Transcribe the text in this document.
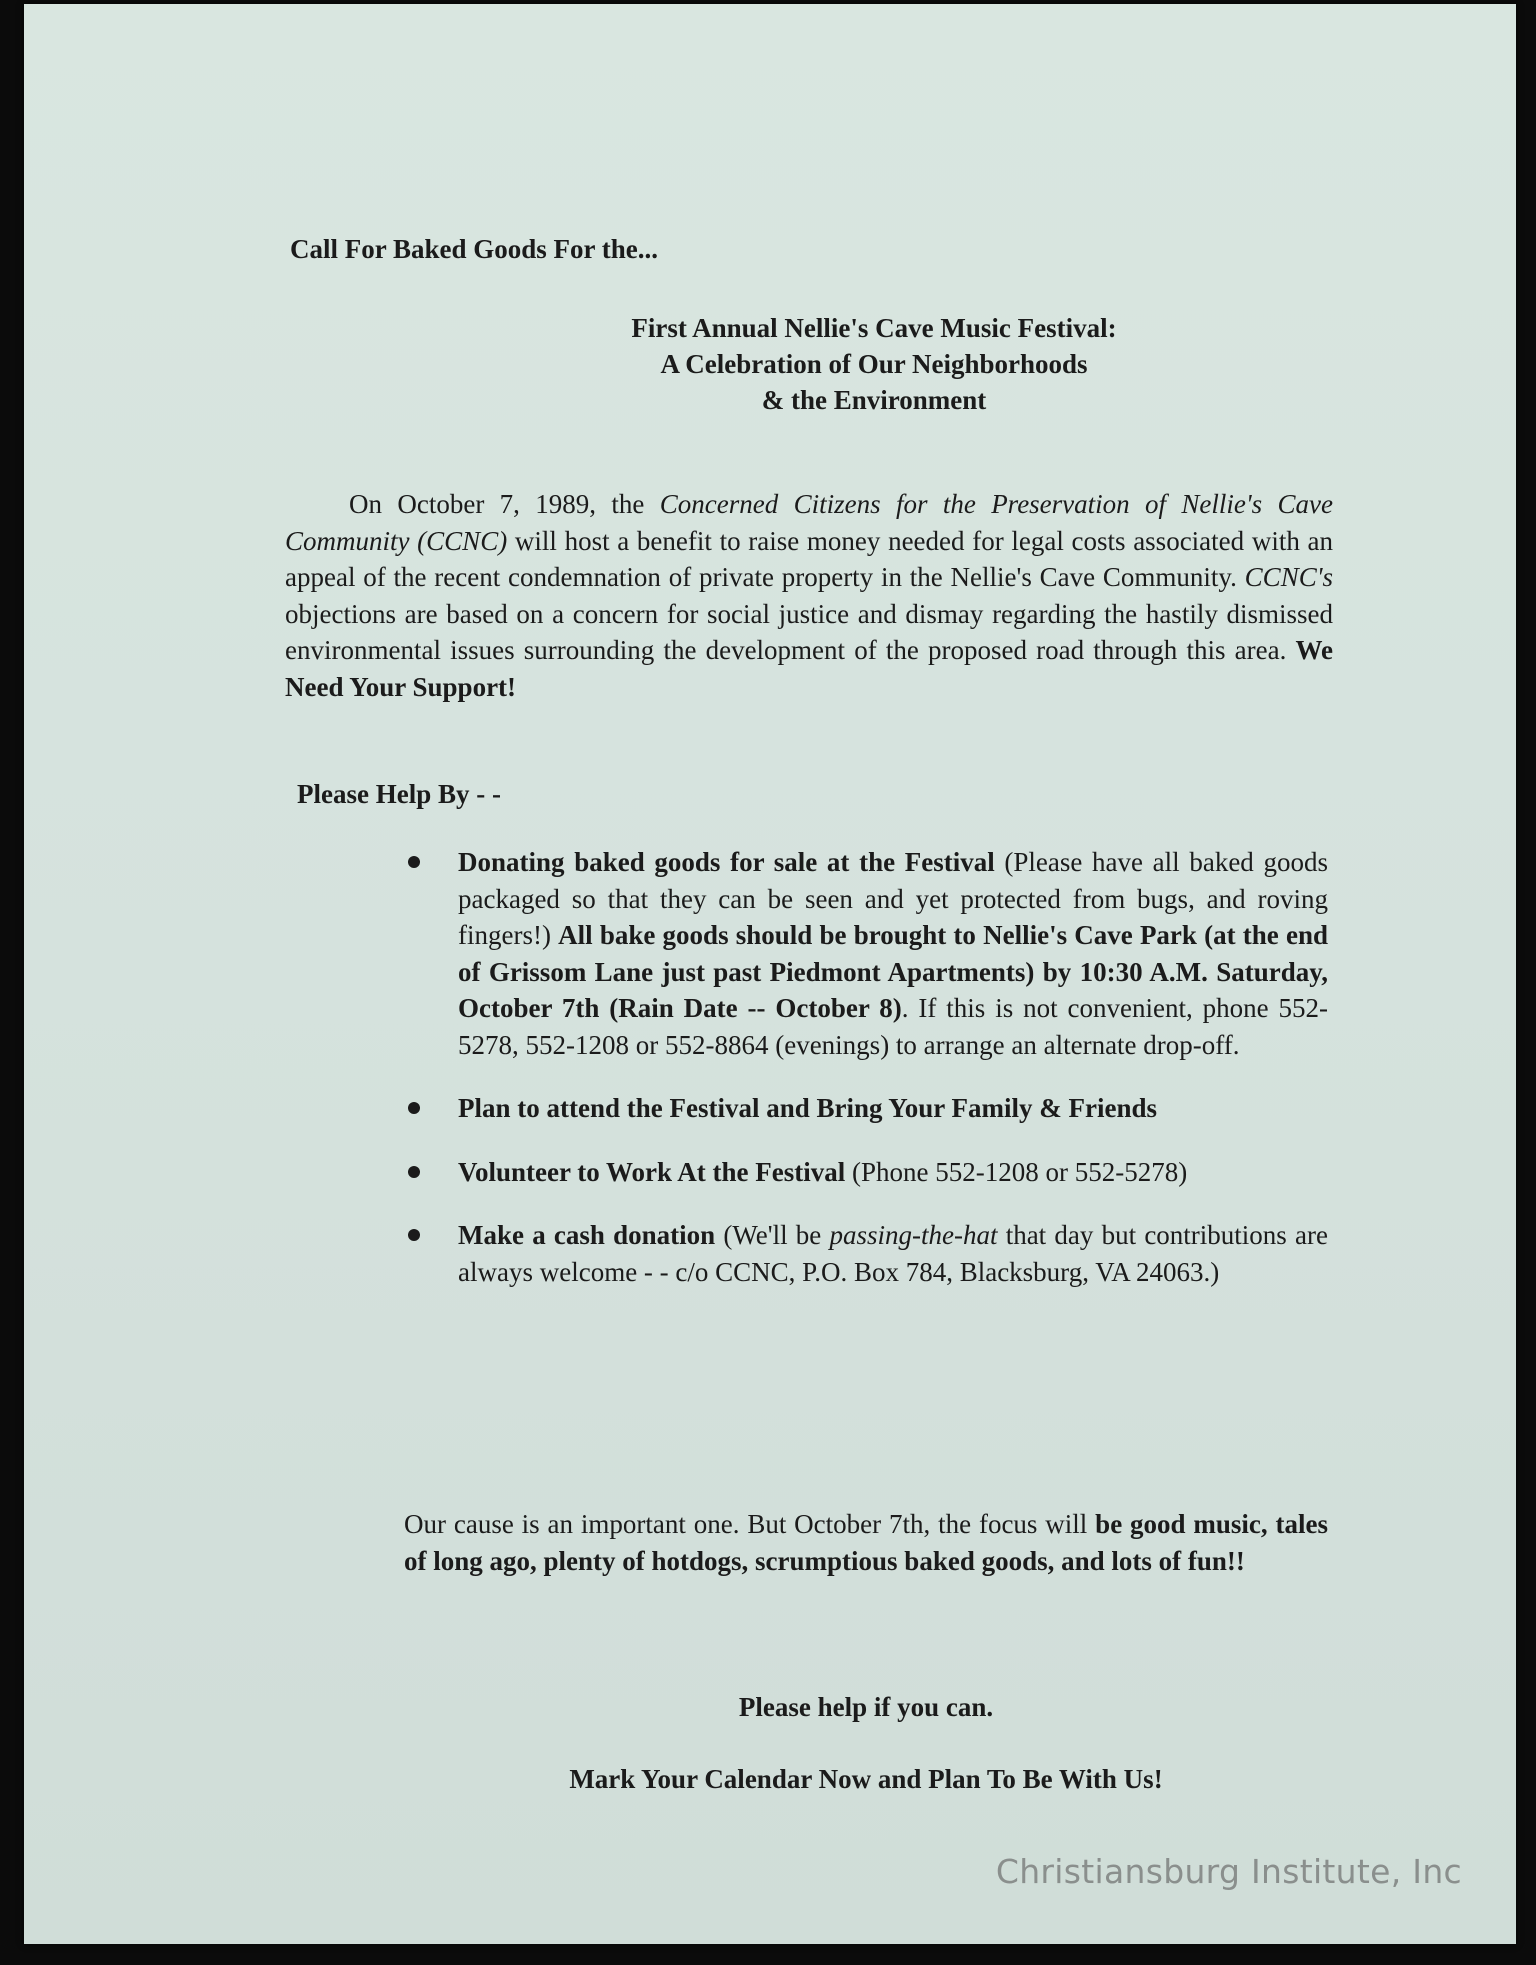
Call For Baked Goods For the...
First Annual Nellie's Cave Music Festival:
A Celebration of Our Neighborhoods
& the Environment
On October 7, 1989, the Concerned Citizens for the Preservation of Nellie's Cave Community (CCNC) will host a benefit to raise money needed for legal costs associated with an appeal of the recent condemnation of private property in the Nellie's Cave Community. CCNC's objections are based on a concern for social justice and dismay regarding the hastily dismissed environmental issues surrounding the development of the proposed road through this area. We Need Your Support!
Please Help By - -
Donating baked goods for sale at the Festival (Please have all baked goods packaged so that they can be seen and yet protected from bugs, and roving fingers!) All bake goods should be brought to Nellie's Cave Park (at the end of Grissom Lane just past Piedmont Apartments) by 10:30 A.M. Saturday, October 7th (Rain Date -- October 8). If this is not convenient, phone 552-5278, 552-1208 or 552-8864 (evenings) to arrange an alternate drop-off.
Plan to attend the Festival and Bring Your Family & Friends
Volunteer to Work At the Festival (Phone 552-1208 or 552-5278)
Make a cash donation (We'll be passing-the-hat that day but contributions are always welcome - - c/o CCNC, P.O. Box 784, Blacksburg, VA 24063.)
Our cause is an important one. But October 7th, the focus will be good music, tales of long ago, plenty of hotdogs, scrumptious baked goods, and lots of fun!!
Please help if you can.
Mark Your Calendar Now and Plan To Be With Us!
Christiansburg Institute, Inc
